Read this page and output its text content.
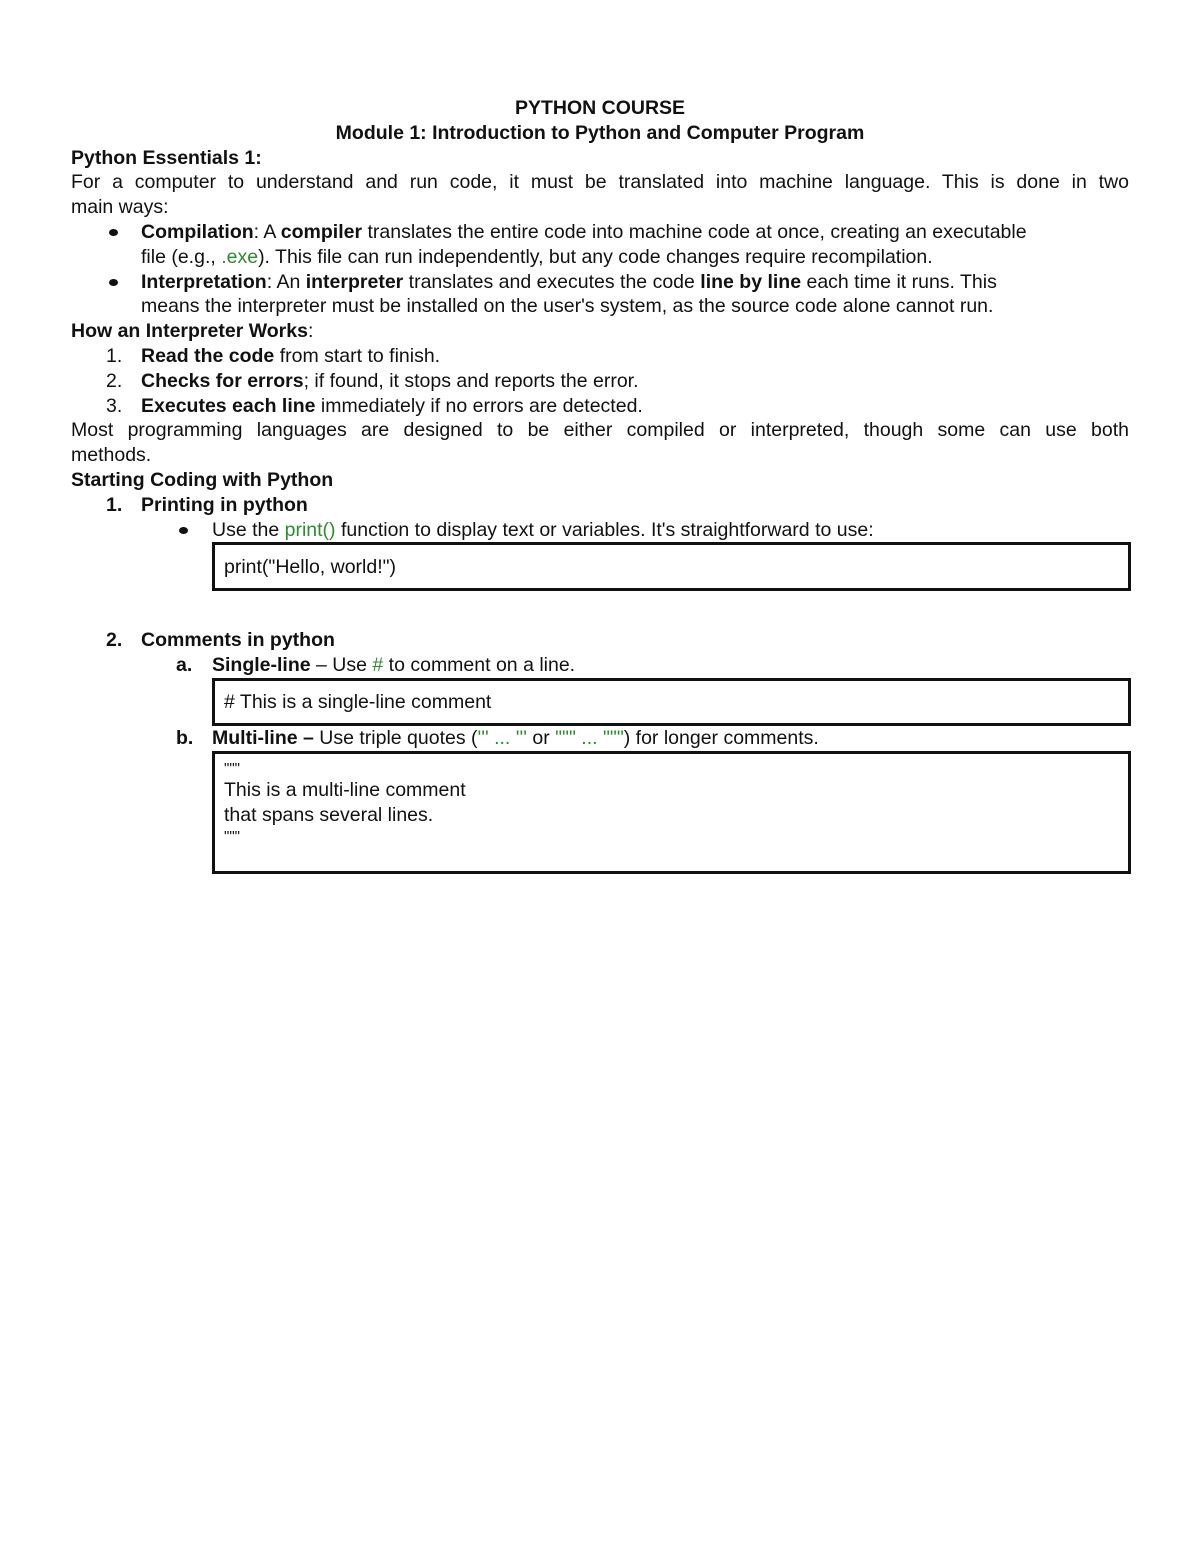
PYTHON COURSE
Module 1: Introduction to Python and Computer Program
Python Essentials 1:
For a computer to understand and run code, it must be translated into machine language. This is done in two
main ways:
Compilation: A compiler translates the entire code into machine code at once, creating an executable
file (e.g., .exe). This file can run independently, but any code changes require recompilation.
Interpretation: An interpreter translates and executes the code line by line each time it runs. This
means the interpreter must be installed on the user's system, as the source code alone cannot run.
How an Interpreter Works:
1. Read the code from start to finish.
2. Checks for errors; if found, it stops and reports the error.
3. Executes each line immediately if no errors are detected.
Most programming languages are designed to be either compiled or interpreted, though some can use both
methods.
Starting Coding with Python
1. Printing in python
Use the print() function to display text or variables. It's straightforward to use:
print("Hello, world!")
2. Comments in python
a. Single-line – Use # to comment on a line.
# This is a single-line comment
b. Multi-line – Use triple quotes (''' ... ''' or """ ... """) for longer comments.
"""
This is a multi-line comment
that spans several lines.
"""
